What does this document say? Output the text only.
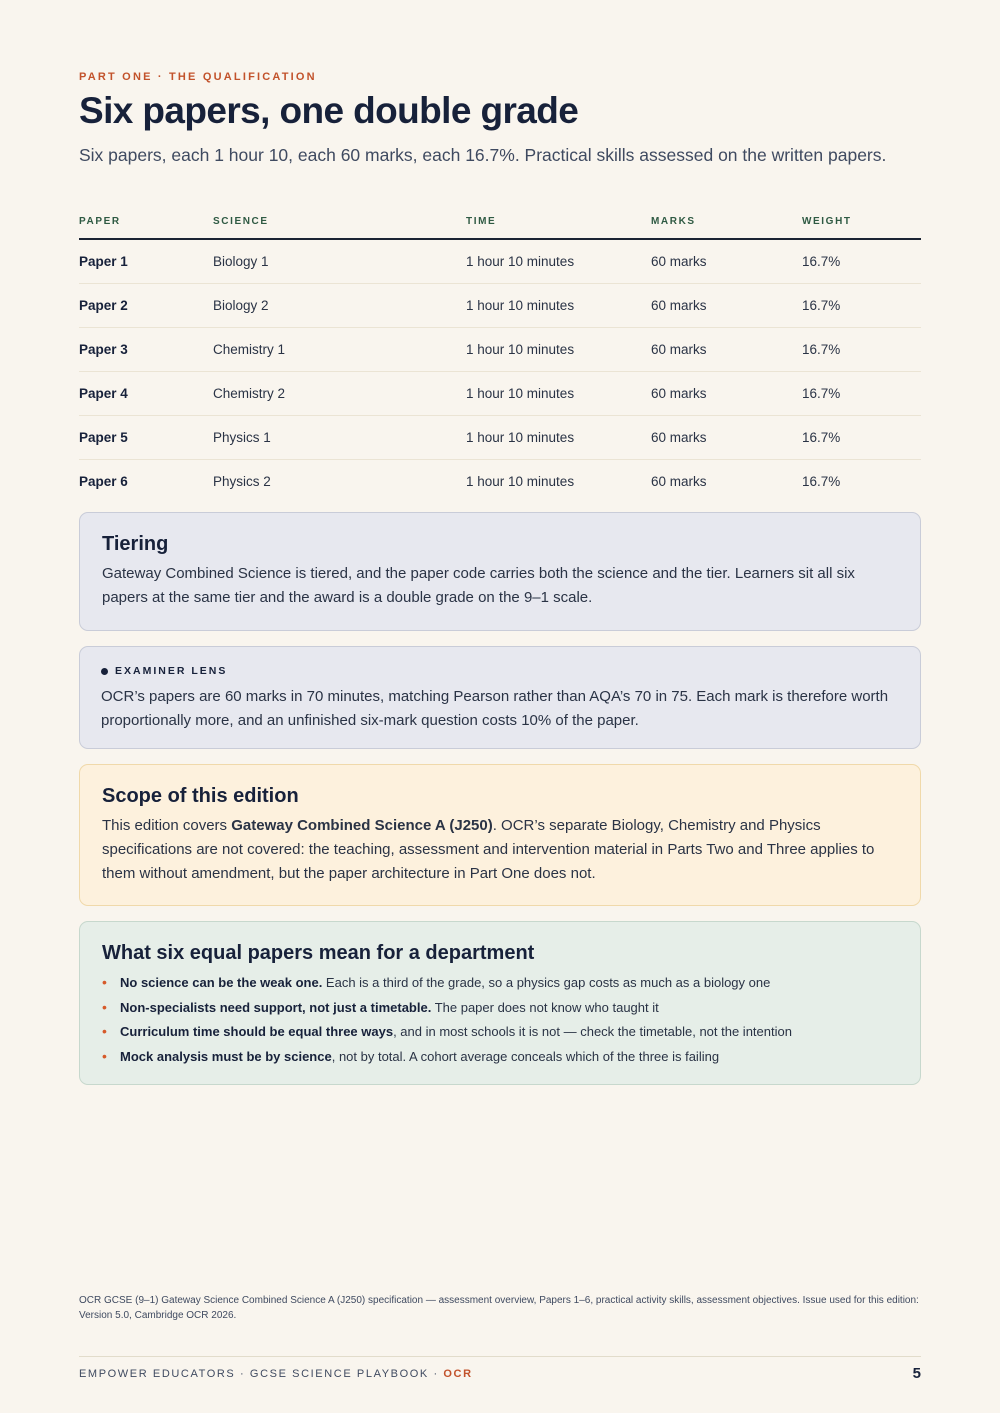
PART ONE · THE QUALIFICATION
Six papers, one double grade

Six papers, each 1 hour 10, each 60 marks, each 16.7%. Practical skills assessed on the written papers.

PAPER	SCIENCE	TIME	MARKS	WEIGHT
Paper 1	Biology 1	1 hour 10 minutes	60 marks	16.7%
Paper 2	Biology 2	1 hour 10 minutes	60 marks	16.7%
Paper 3	Chemistry 1	1 hour 10 minutes	60 marks	16.7%
Paper 4	Chemistry 2	1 hour 10 minutes	60 marks	16.7%
Paper 5	Physics 1	1 hour 10 minutes	60 marks	16.7%
Paper 6	Physics 2	1 hour 10 minutes	60 marks	16.7%
Tiering

Gateway Combined Science is tiered, and the paper code carries both the science and the tier. Learners sit all six papers at the same tier and the award is a double grade on the 9–1 scale.

EXAMINER LENS

OCR’s papers are 60 marks in 70 minutes, matching Pearson rather than AQA’s 70 in 75. Each mark is therefore worth proportionally more, and an unfinished six-mark question costs 10% of the paper.

Scope of this edition

This edition covers Gateway Combined Science A (J250). OCR’s separate Biology, Chemistry and Physics specifications are not covered: the teaching, assessment and intervention material in Parts Two and Three applies to them without amendment, but the paper architecture in Part One does not.

What six equal papers mean for a department
• No science can be the weak one. Each is a third of the grade, so a physics gap costs as much as a biology one
• Non-specialists need support, not just a timetable. The paper does not know who taught it
• Curriculum time should be equal three ways, and in most schools it is not — check the timetable, not the intention
• Mock analysis must be by science, not by total. A cohort average conceals which of the three is failing

OCR GCSE (9–1) Gateway Science Combined Science A (J250) specification — assessment overview, Papers 1–6, practical activity skills, assessment objectives. Issue used for this edition: Version 5.0, Cambridge OCR 2026.

EMPOWER EDUCATORS · GCSE SCIENCE PLAYBOOK · OCR	5
